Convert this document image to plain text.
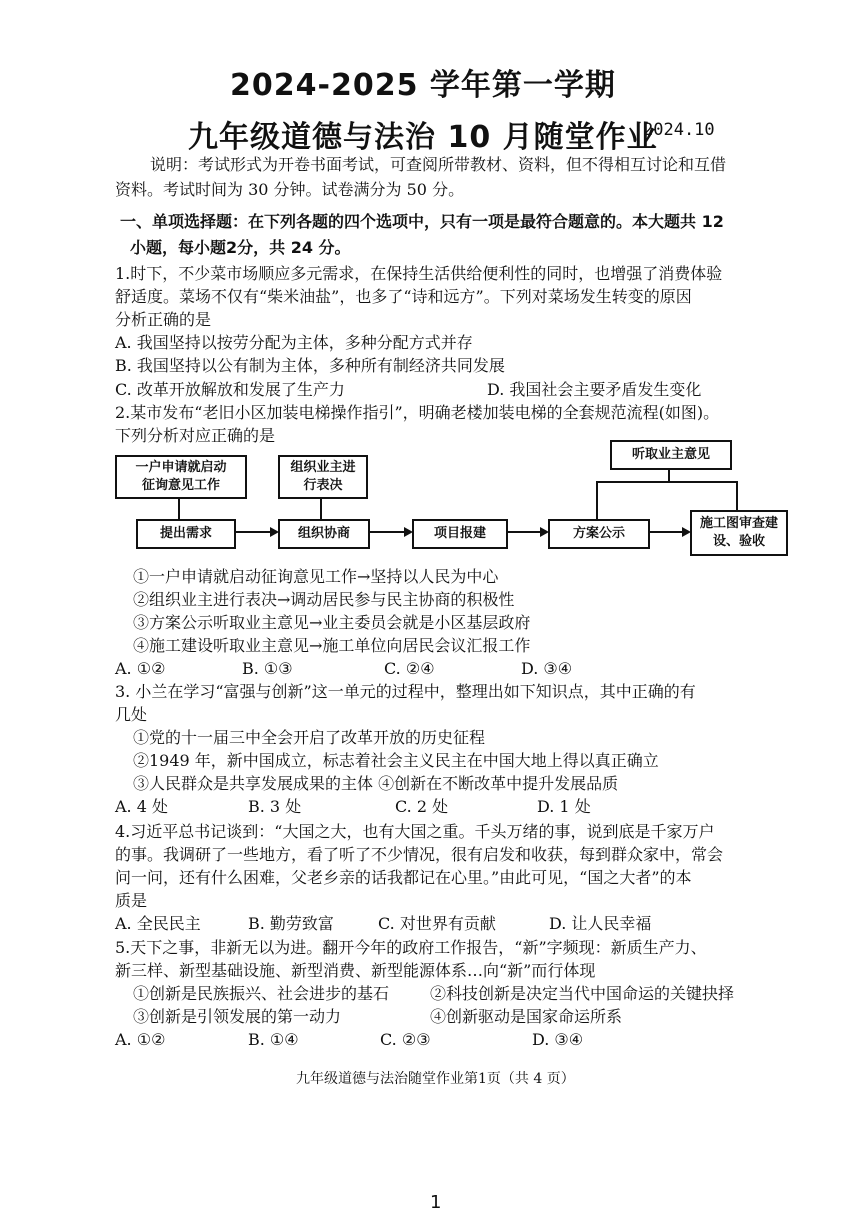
2024-2025 学年第一学期
九年级道德与法治 10 月随堂作业
2024.10
说明：考试形式为开卷书面考试，可查阅所带教材、资料，但不得相互讨论和互借
资料。考试时间为 30 分钟。试卷满分为 50 分。
一、单项选择题：在下列各题的四个选项中，只有一项是最符合题意的。本大题共 12
小题，每小题2分，共 24 分。
1.时下，不少菜市场顺应多元需求，在保持生活供给便利性的同时，也增强了消费体验
舒适度。菜场不仅有“柴米油盐”，也多了“诗和远方”。下列对菜场发生转变的原因
分析正确的是
A. 我国坚持以按劳分配为主体，多种分配方式并存
B. 我国坚持以公有制为主体，多种所有制经济共同发展
C. 改革开放解放和发展了生产力	D. 我国社会主要矛盾发生变化
2.某市发布“老旧小区加装电梯操作指引”，明确老楼加装电梯的全套规范流程(如图)。
下列分析对应正确的是
一户申请就启动征询意见工作
组织业主进行表决
听取业主意见
提出需求	组织协商	项目报建	方案公示
施工图审查建设、验收
①一户申请就启动征询意见工作→坚持以人民为中心
②组织业主进行表决→调动居民参与民主协商的积极性
③方案公示听取业主意见→业主委员会就是小区基层政府
④施工建设听取业主意见→施工单位向居民会议汇报工作
A. ①②	B. ①③	C. ②④	D. ③④
3. 小兰在学习“富强与创新”这一单元的过程中，整理出如下知识点，其中正确的有
几处
①党的十一届三中全会开启了改革开放的历史征程
②1949 年，新中国成立，标志着社会主义民主在中国大地上得以真正确立
③人民群众是共享发展成果的主体 ④创新在不断改革中提升发展品质
A. 4 处	B. 3 处	C. 2 处	D. 1 处
4.习近平总书记谈到：“大国之大，也有大国之重。千头万绪的事，说到底是千家万户
的事。我调研了一些地方，看了听了不少情况，很有启发和收获，每到群众家中，常会
问一问，还有什么困难，父老乡亲的话我都记在心里。”由此可见，“国之大者”的本
质是
A. 全民民主	B. 勤劳致富	C. 对世界有贡献	D. 让人民幸福
5.天下之事，非新无以为进。翻开今年的政府工作报告，“新”字频现：新质生产力、
新三样、新型基础设施、新型消费、新型能源体系…向“新”而行体现
①创新是民族振兴、社会进步的基石	②科技创新是决定当代中国命运的关键抉择
③创新是引领发展的第一动力	④创新驱动是国家命运所系
A. ①②	B. ①④	C. ②③	D. ③④
九年级道德与法治随堂作业第1页（共 4 页）
1
